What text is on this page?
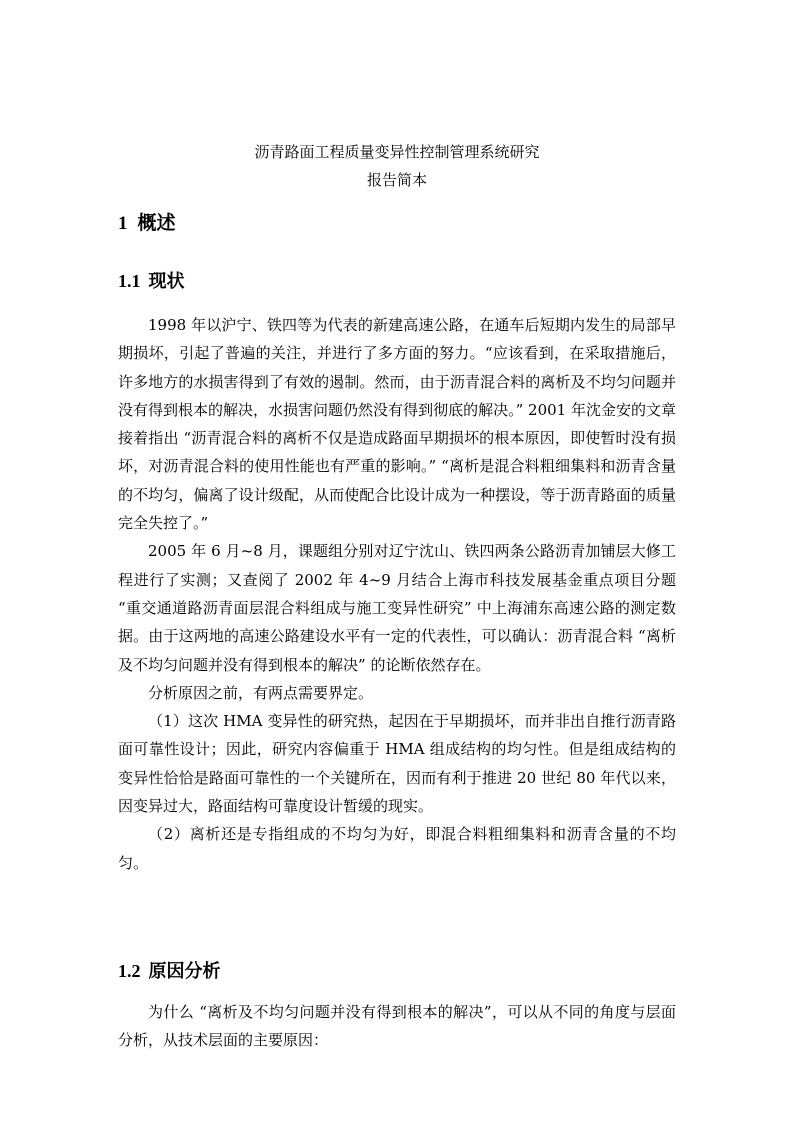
沥青路面工程质量变异性控制管理系统研究
报告简本
1 概述
1.1 现状

1998 年以沪宁、铁四等为代表的新建高速公路，在通车后短期内发生的局部早期损坏，引起了普遍的关注，并进行了多方面的努力。“应该看到，在采取措施后，许多地方的水损害得到了有效的遏制。然而，由于沥青混合料的离析及不均匀问题并没有得到根本的解决，水损害问题仍然没有得到彻底的解决。” 2001 年沈金安的文章接着指出 “沥青混合料的离析不仅是造成路面早期损坏的根本原因，即使暂时没有损坏，对沥青混合料的使用性能也有严重的影响。” “离析是混合料粗细集料和沥青含量的不均匀，偏离了设计级配，从而使配合比设计成为一种摆设，等于沥青路面的质量完全失控了。”

2005 年 6 月~8 月，课题组分别对辽宁沈山、铁四两条公路沥青加铺层大修工程进行了实测；又查阅了 2002 年 4~9 月结合上海市科技发展基金重点项目分题 “重交通道路沥青面层混合料组成与施工变异性研究” 中上海浦东高速公路的测定数据。由于这两地的高速公路建设水平有一定的代表性，可以确认：沥青混合料 “离析及不均匀问题并没有得到根本的解决” 的论断依然存在。

分析原因之前，有两点需要界定。

（1）这次 HMA 变异性的研究热，起因在于早期损坏，而并非出自推行沥青路面可靠性设计；因此，研究内容偏重于 HMA 组成结构的均匀性。但是组成结构的变异性恰恰是路面可靠性的一个关键所在，因而有利于推进 20 世纪 80 年代以来，因变异过大，路面结构可靠度设计暂缓的现实。

（2）离析还是专指组成的不均匀为好，即混合料粗细集料和沥青含量的不均匀。

1.2 原因分析

为什么 “离析及不均匀问题并没有得到根本的解决”，可以从不同的角度与层面分析，从技术层面的主要原因：
